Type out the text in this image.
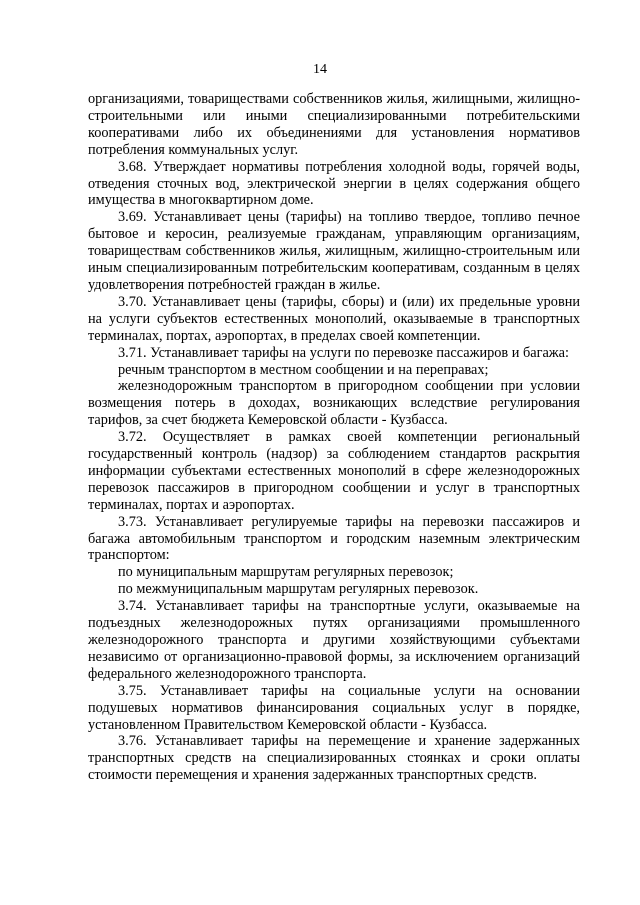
14

организациями, товариществами собственников жилья, жилищными, жилищно-строительными или иными специализированными потребительскими кооперативами либо их объединениями для установления нормативов потребления коммунальных услуг.

3.68. Утверждает нормативы потребления холодной воды, горячей воды, отведения сточных вод, электрической энергии в целях содержания общего имущества в многоквартирном доме.

3.69. Устанавливает цены (тарифы) на топливо твердое, топливо печное бытовое и керосин, реализуемые гражданам, управляющим организациям, товариществам собственников жилья, жилищным, жилищно-строительным или иным специализированным потребительским кооперативам, созданным в целях удовлетворения потребностей граждан в жилье.

3.70. Устанавливает цены (тарифы, сборы) и (или) их предельные уровни на услуги субъектов естественных монополий, оказываемые в транспортных терминалах, портах, аэропортах, в пределах своей компетенции.

3.71. Устанавливает тарифы на услуги по перевозке пассажиров и багажа:

речным транспортом в местном сообщении и на переправах;

железнодорожным транспортом в пригородном сообщении при условии возмещения потерь в доходах, возникающих вследствие регулирования тарифов, за счет бюджета Кемеровской области - Кузбасса.

3.72. Осуществляет в рамках своей компетенции региональный государственный контроль (надзор) за соблюдением стандартов раскрытия информации субъектами естественных монополий в сфере железнодорожных перевозок пассажиров в пригородном сообщении и услуг в транспортных терминалах, портах и аэропортах.

3.73. Устанавливает регулируемые тарифы на перевозки пассажиров и багажа автомобильным транспортом и городским наземным электрическим транспортом:

по муниципальным маршрутам регулярных перевозок;

по межмуниципальным маршрутам регулярных перевозок.

3.74. Устанавливает тарифы на транспортные услуги, оказываемые на подъездных железнодорожных путях организациями промышленного железнодорожного транспорта и другими хозяйствующими субъектами независимо от организационно-правовой формы, за исключением организаций федерального железнодорожного транспорта.

3.75. Устанавливает тарифы на социальные услуги на основании подушевых нормативов финансирования социальных услуг в порядке, установленном Правительством Кемеровской области - Кузбасса.

3.76. Устанавливает тарифы на перемещение и хранение задержанных транспортных средств на специализированных стоянках и сроки оплаты стоимости перемещения и хранения задержанных транспортных средств.
